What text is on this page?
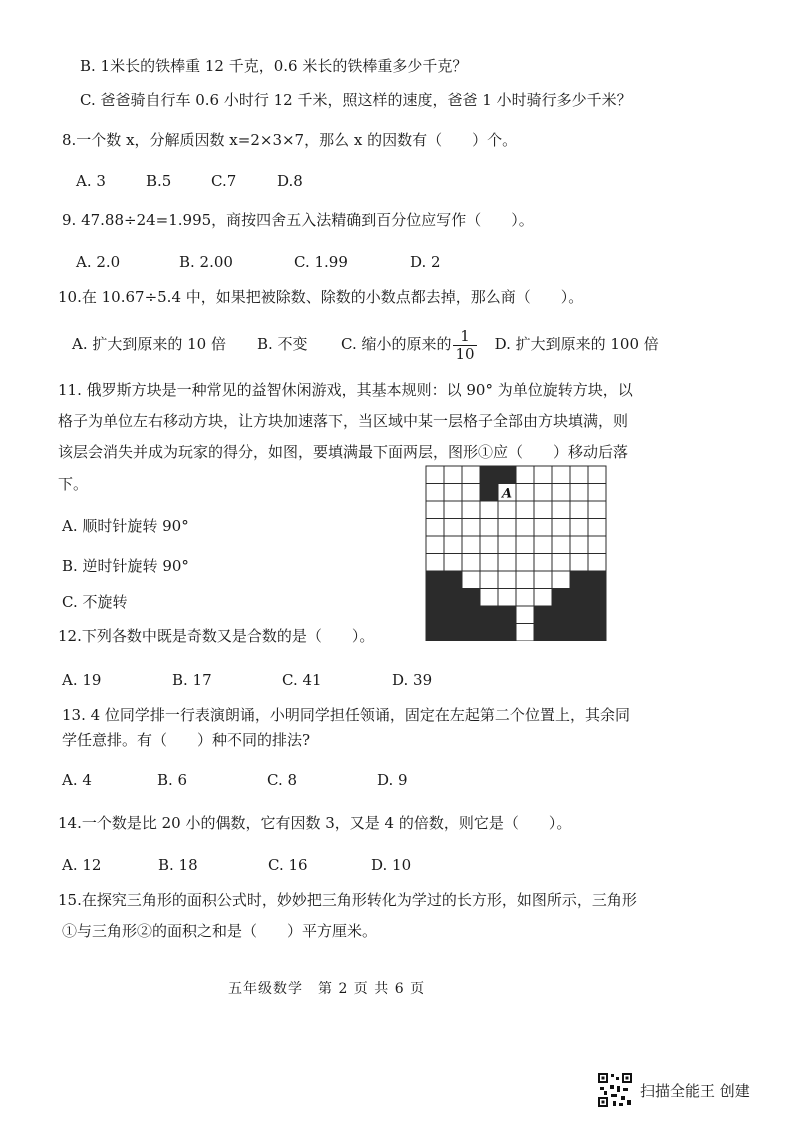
B. 1米长的铁棒重 12 千克，0.6 米长的铁棒重多少千克？
C. 爸爸骑自行车 0.6 小时行 12 千米，照这样的速度，爸爸 1 小时骑行多少千米？
8.一个数 x，分解质因数 x=2×3×7，那么 x 的因数有（　　）个。
A. 3	B.5	C.7	D.8
9. 47.88÷24=1.995，商按四舍五入法精确到百分位应写作（　　）。
A. 2.0	B. 2.00	C. 1.99	D. 2
10.在 10.67÷5.4 中，如果把被除数、除数的小数点都去掉，那么商（　　）。
A. 扩大到原来的 10 倍 B. 不变 C. 缩小的原来的 $\frac{1}{10} D$. 扩大到原来的 100 倍
11. 俄罗斯方块是一种常见的益智休闲游戏，其基本规则：以 90° 为单位旋转方块，以
格子为单位左右移动方块，让方块加速落下，当区域中某一层格子全部由方块填满，则
该层会消失并成为玩家的得分，如图，要填满最下面两层，图形①应（　　）移动后落
下。
A. 顺时针旋转 90°
B. 逆时针旋转 90°
C. 不旋转
A
12.下列各数中既是奇数又是合数的是（　　）。
A. 19	B. 17	C. 41	D. 39
13. 4 位同学排一行表演朗诵，小明同学担任领诵，固定在左起第二个位置上，其余同
学任意排。有（　　）种不同的排法?
A. 4	B. 6	C. 8	D. 9
14.一个数是比 20 小的偶数，它有因数 3，又是 4 的倍数，则它是（　　）。
A. 12	B. 18	C. 16	D. 10
15.在探究三角形的面积公式时，妙妙把三角形转化为学过的长方形，如图所示，三角形
①与三角形②的面积之和是（　　）平方厘米。
五年级数学　第 2 页 共 6 页
扫描全能王 创建
